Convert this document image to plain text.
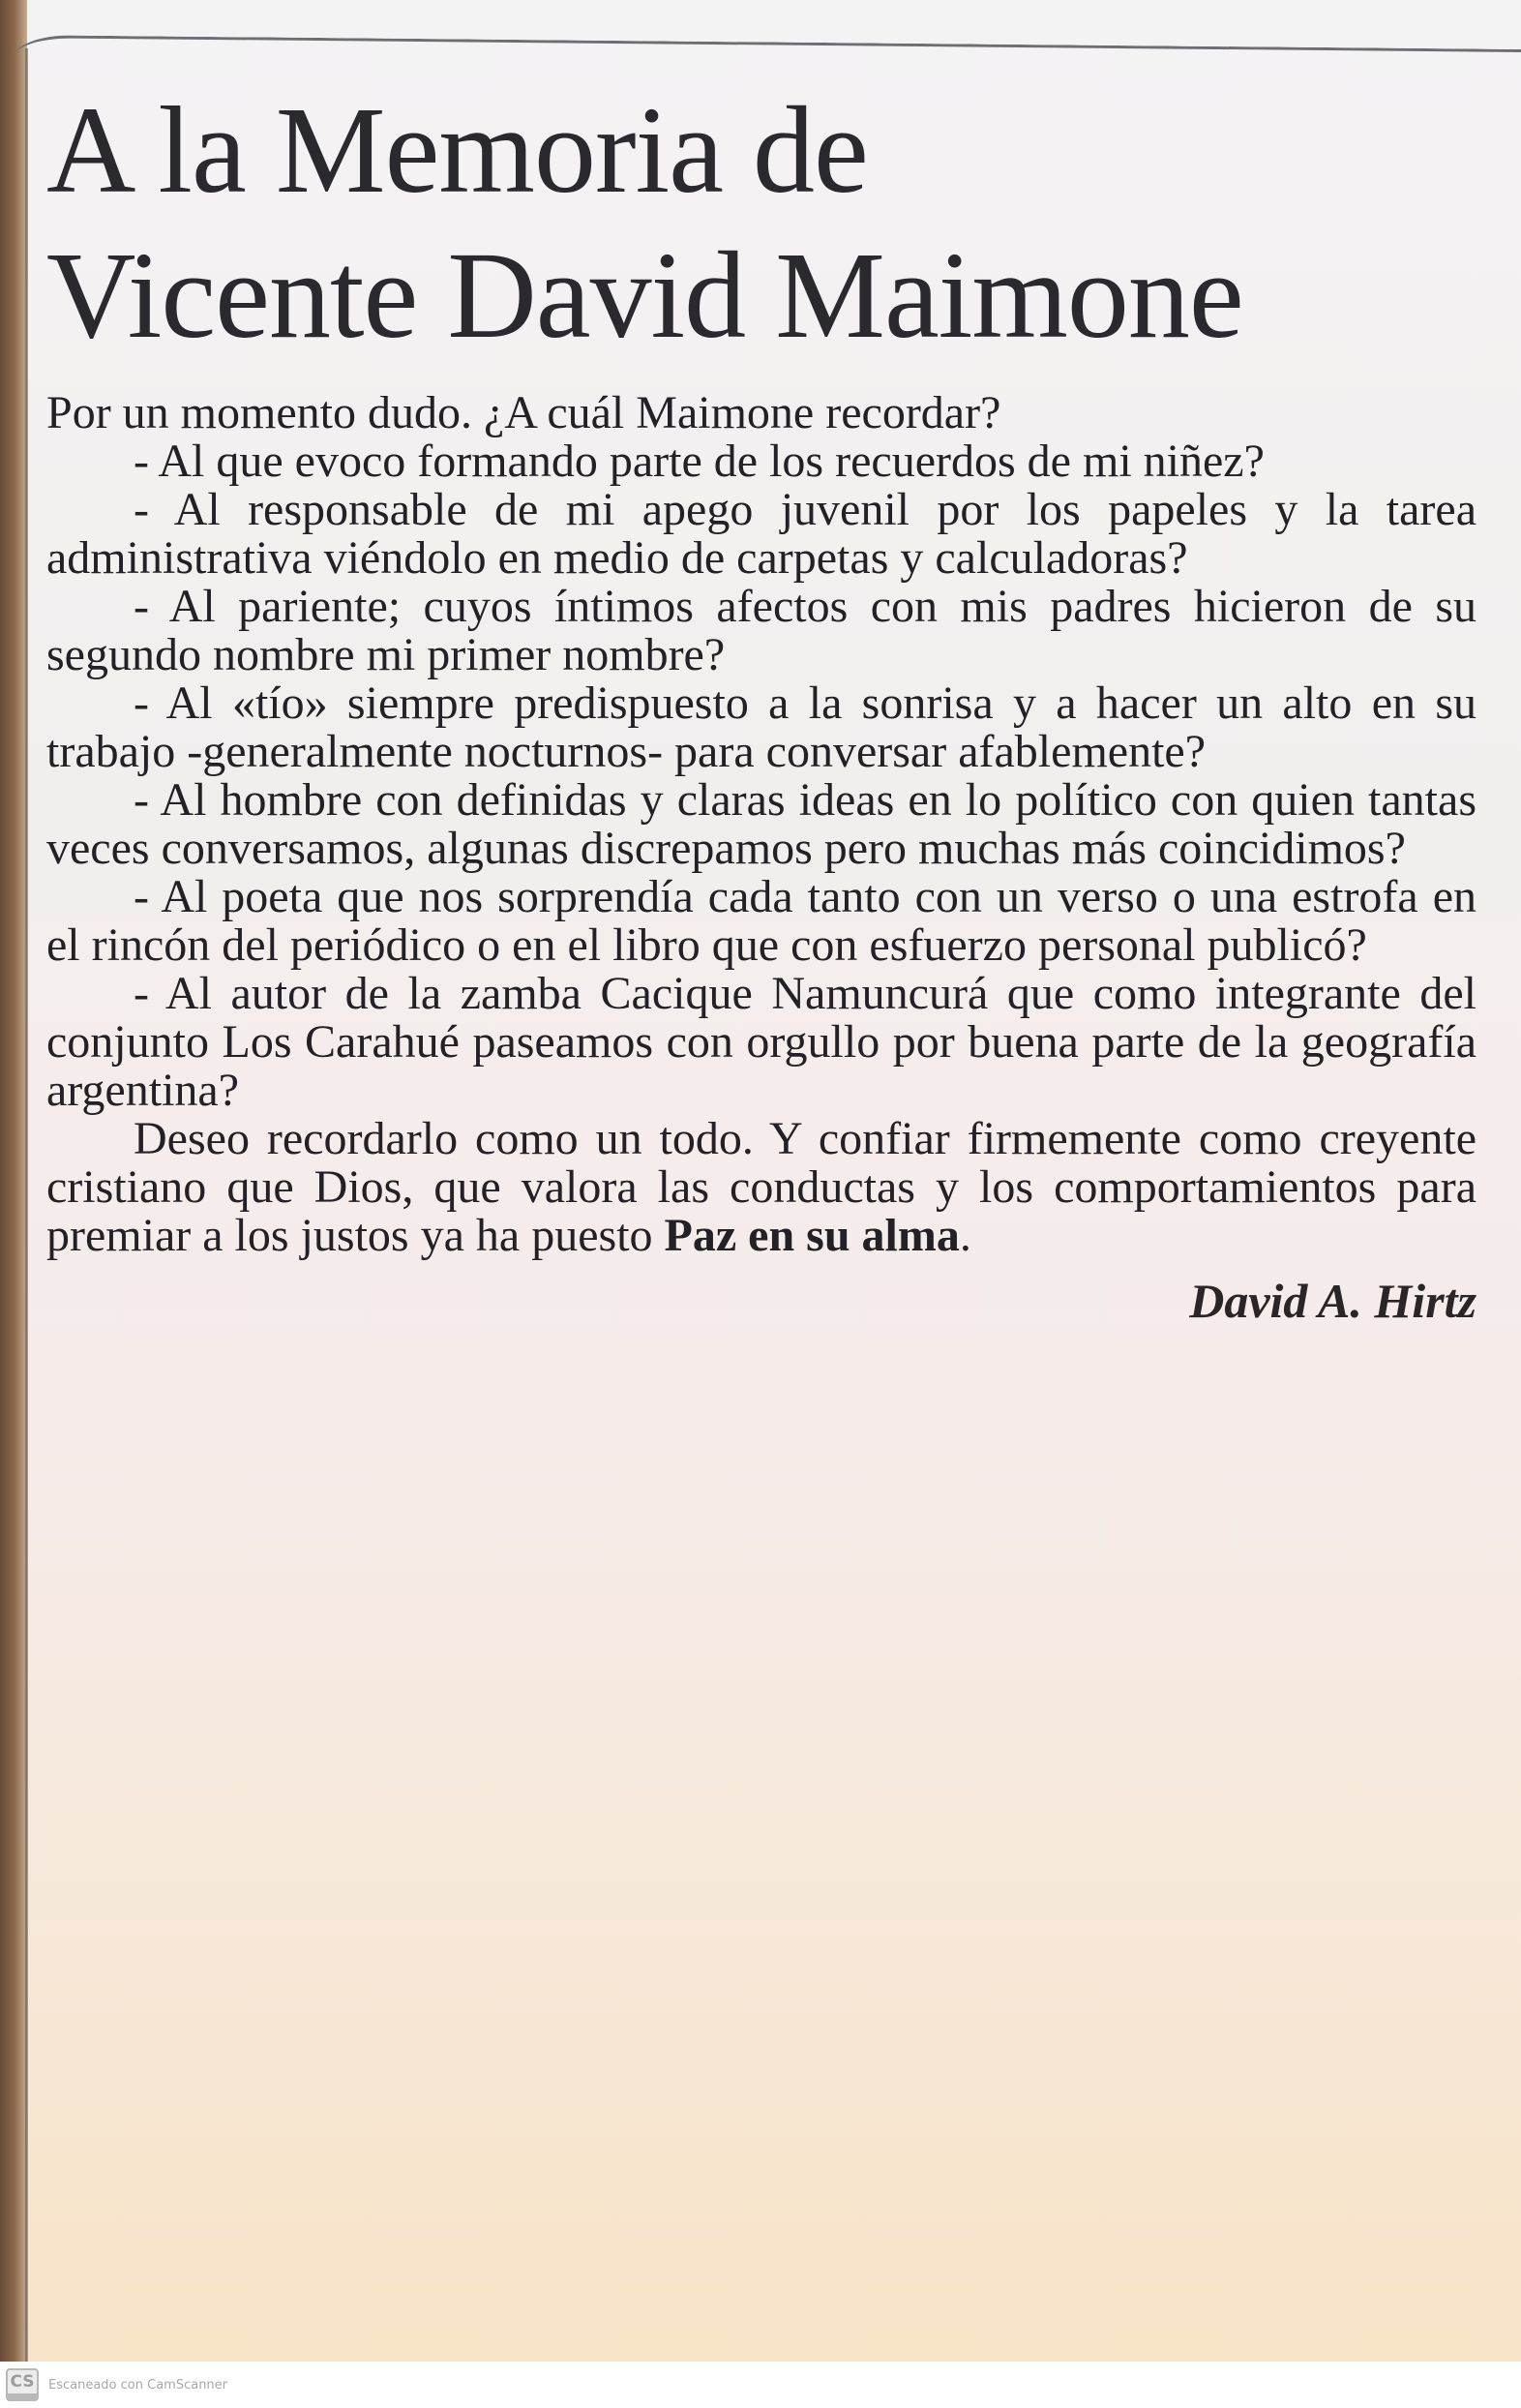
A la Memoria de
Vicente David Maimone

Por un momento dudo. ¿A cuál Maimone recordar?

- Al que evoco formando parte de los recuerdos de mi niñez?

- Al responsable de mi apego juvenil por los papeles y la tarea administrativa viéndolo en medio de carpetas y calculadoras?

- Al pariente; cuyos íntimos afectos con mis padres hicieron de su segundo nombre mi primer nombre?

- Al «tío» siempre predispuesto a la sonrisa y a hacer un alto en su trabajo -generalmente nocturnos- para conversar afablemente?

- Al hombre con definidas y claras ideas en lo político con quien tantas veces conversamos, algunas discrepamos pero muchas más coincidimos?

- Al poeta que nos sorprendía cada tanto con un verso o una estrofa en el rincón del periódico o en el libro que con esfuerzo personal publicó?

- Al autor de la zamba Cacique Namuncurá que como integrante del conjunto Los Carahué paseamos con orgullo por buena parte de la geografía argentina?

Deseo recordarlo como un todo. Y confiar firmemente como creyente cristiano que Dios, que valora las conductas y los comportamientos para premiar a los justos ya ha puesto Paz en su alma.

David A. Hirtz
CS	Escaneado con CamScanner
